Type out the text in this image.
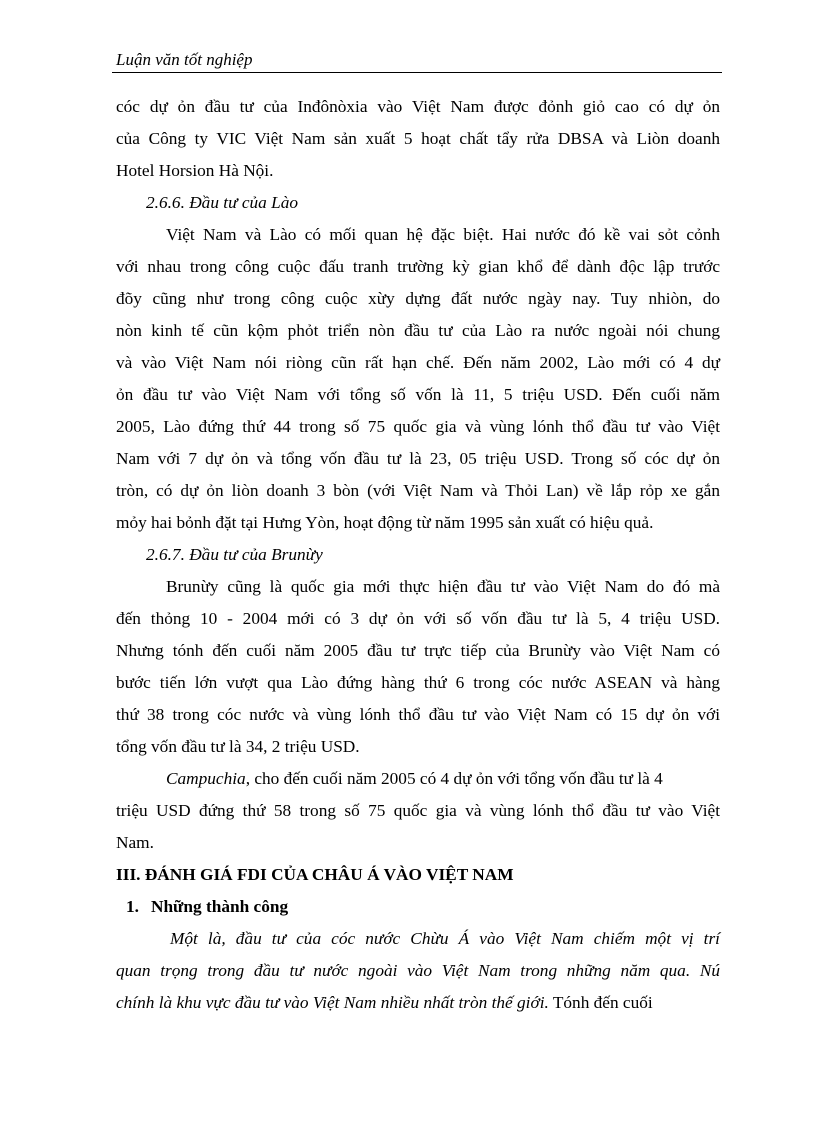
Luận văn tốt nghiệp
cóc dự ỏn đầu tư của Inđônòxia vào Việt Nam được đỏnh giỏ cao có dự ỏn
của Công ty VIC Việt Nam sản xuất 5 hoạt chất tẩy rửa DBSA và Liòn doanh
Hotel Horsion Hà Nội.
2.6.6. Đầu tư của Lào
Việt Nam và Lào có mối quan hệ đặc biệt. Hai nước đó kề vai sỏt cỏnh
với nhau trong công cuộc đấu tranh trường kỳ gian khổ để dành độc lập trước
đõy cũng như trong công cuộc xừy dựng đất nước ngày nay. Tuy nhiòn, do
nòn kinh tế cũn kộm phỏt triển nòn đầu tư của Lào ra nước ngoài nói chung
và vào Việt Nam nói riòng cũn rất hạn chế. Đến năm 2002, Lào mới có 4 dự
ỏn đầu tư vào Việt Nam với tổng số vốn là 11, 5 triệu USD. Đến cuối năm
2005, Lào đứng thứ 44 trong số 75 quốc gia và vùng lónh thổ đầu tư vào Việt
Nam với 7 dự ỏn và tổng vốn đầu tư là 23, 05 triệu USD. Trong số cóc dự ỏn
tròn, có dự ỏn liòn doanh 3 bòn (với Việt Nam và Thỏi Lan) về lắp rỏp xe gắn
mỏy hai bỏnh đặt tại Hưng Yòn, hoạt động từ năm 1995 sản xuất có hiệu quả.
2.6.7. Đầu tư của Brunừy
Brunừy cũng là quốc gia mới thực hiện đầu tư vào Việt Nam do đó mà
đến thỏng 10 - 2004 mới có 3 dự ỏn với số vốn đầu tư là 5, 4 triệu USD.
Nhưng tónh đến cuối năm 2005 đầu tư trực tiếp của Brunừy vào Việt Nam có
bước tiến lớn vượt qua Lào đứng hàng thứ 6 trong cóc nước ASEAN và hàng
thứ 38 trong cóc nước và vùng lónh thổ đầu tư vào Việt Nam có 15 dự ỏn với
tổng vốn đầu tư là 34, 2 triệu USD.
Campuchia, cho đến cuối năm 2005 có 4 dự ỏn với tổng vốn đầu tư là 4
triệu USD đứng thứ 58 trong số 75 quốc gia và vùng lónh thổ đầu tư vào Việt
Nam.
III. ĐÁNH GIÁ FDI CỦA CHÂU Á VÀO VIỆT NAM
1. Những thành công
Một là, đầu tư của cóc nước Chừu Á vào Việt Nam chiếm một vị trí
quan trọng trong đầu tư nước ngoài vào Việt Nam trong những năm qua. Nú
chính là khu vực đầu tư vào Việt Nam nhiều nhất tròn thế giới. Tónh đến cuối
